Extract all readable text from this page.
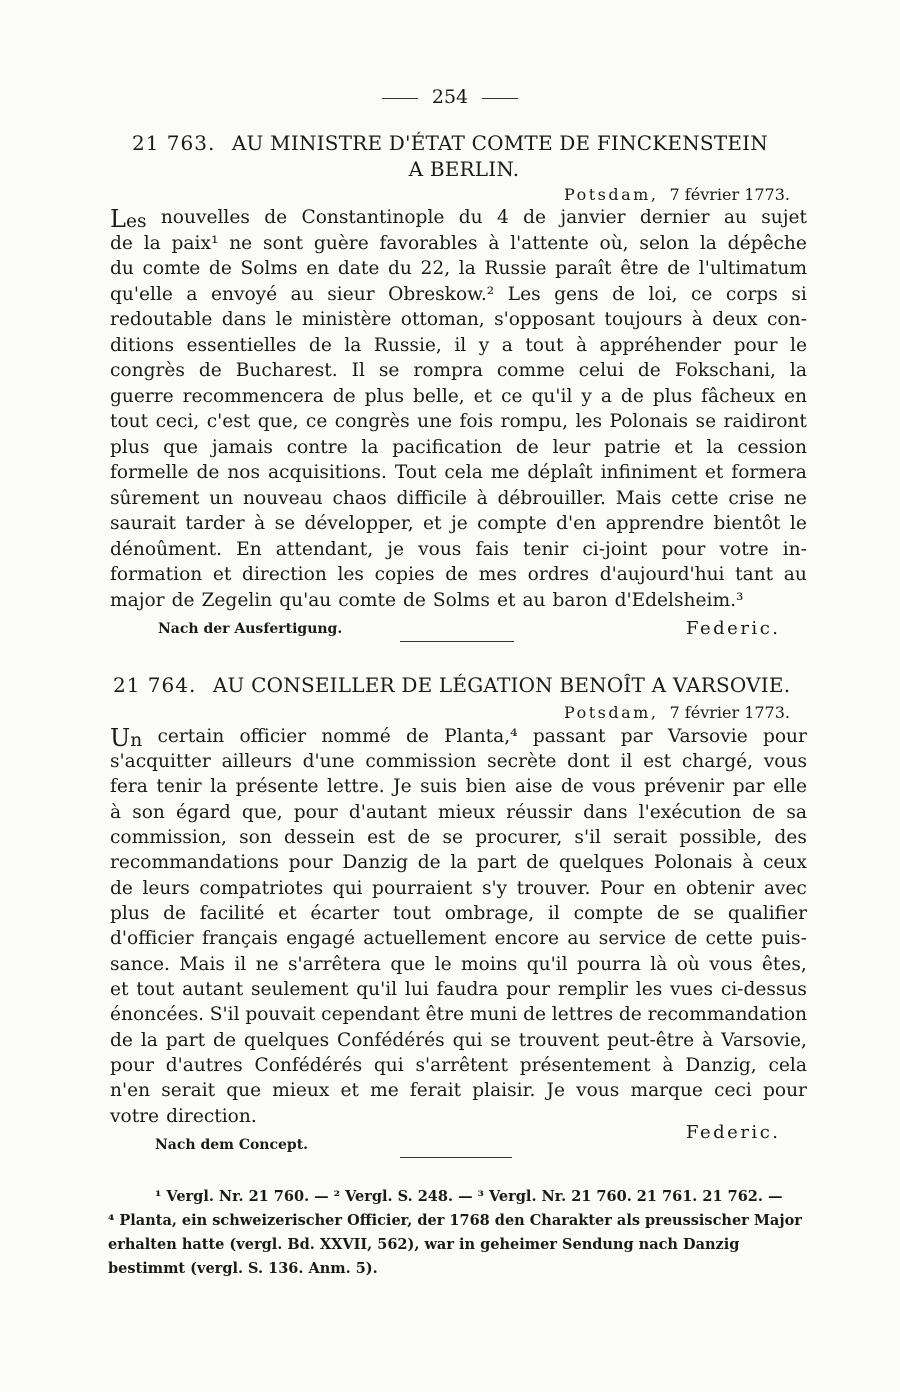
254
21 763. AU MINISTRE D'ÉTAT COMTE DE FINCKENSTEIN
A BERLIN.
Potsdam, 7 février 1773.
Les nouvelles de Constantinople du 4 de janvier dernier au sujet
de la paix¹ ne sont guère favorables à l'attente où, selon la dépêche
du comte de Solms en date du 22, la Russie paraît être de l'ultimatum
qu'elle a envoyé au sieur Obreskow.² Les gens de loi, ce corps si
redoutable dans le ministère ottoman, s'opposant toujours à deux con-
ditions essentielles de la Russie, il y a tout à appréhender pour le
congrès de Bucharest. Il se rompra comme celui de Fokschani, la
guerre recommencera de plus belle, et ce qu'il y a de plus fâcheux en
tout ceci, c'est que, ce congrès une fois rompu, les Polonais se raidiront
plus que jamais contre la pacification de leur patrie et la cession
formelle de nos acquisitions. Tout cela me déplaît infiniment et formera
sûrement un nouveau chaos difficile à débrouiller. Mais cette crise ne
saurait tarder à se développer, et je compte d'en apprendre bientôt le
dénoûment. En attendant, je vous fais tenir ci-joint pour votre in-
formation et direction les copies de mes ordres d'aujourd'hui tant au
major de Zegelin qu'au comte de Solms et au baron d'Edelsheim.³
Nach der Ausfertigung.	Federic.
21 764. AU CONSEILLER DE LÉGATION BENOÎT A VARSOVIE.
Potsdam, 7 février 1773.
Un certain officier nommé de Planta,⁴ passant par Varsovie pour
s'acquitter ailleurs d'une commission secrète dont il est chargé, vous
fera tenir la présente lettre. Je suis bien aise de vous prévenir par elle
à son égard que, pour d'autant mieux réussir dans l'exécution de sa
commission, son dessein est de se procurer, s'il serait possible, des
recommandations pour Danzig de la part de quelques Polonais à ceux
de leurs compatriotes qui pourraient s'y trouver. Pour en obtenir avec
plus de facilité et écarter tout ombrage, il compte de se qualifier
d'officier français engagé actuellement encore au service de cette puis-
sance. Mais il ne s'arrêtera que le moins qu'il pourra là où vous êtes,
et tout autant seulement qu'il lui faudra pour remplir les vues ci-dessus
énoncées. S'il pouvait cependant être muni de lettres de recommandation
de la part de quelques Confédérés qui se trouvent peut-être à Varsovie,
pour d'autres Confédérés qui s'arrêtent présentement à Danzig, cela
n'en serait que mieux et me ferait plaisir. Je vous marque ceci pour
votre direction.
Federic.
Nach dem Concept.
¹ Vergl. Nr. 21 760. — ² Vergl. S. 248. — ³ Vergl. Nr. 21 760. 21 761. 21 762. —
⁴ Planta, ein schweizerischer Officier, der 1768 den Charakter als preussischer Major
erhalten hatte (vergl. Bd. XXVII, 562), war in geheimer Sendung nach Danzig
bestimmt (vergl. S. 136. Anm. 5).
